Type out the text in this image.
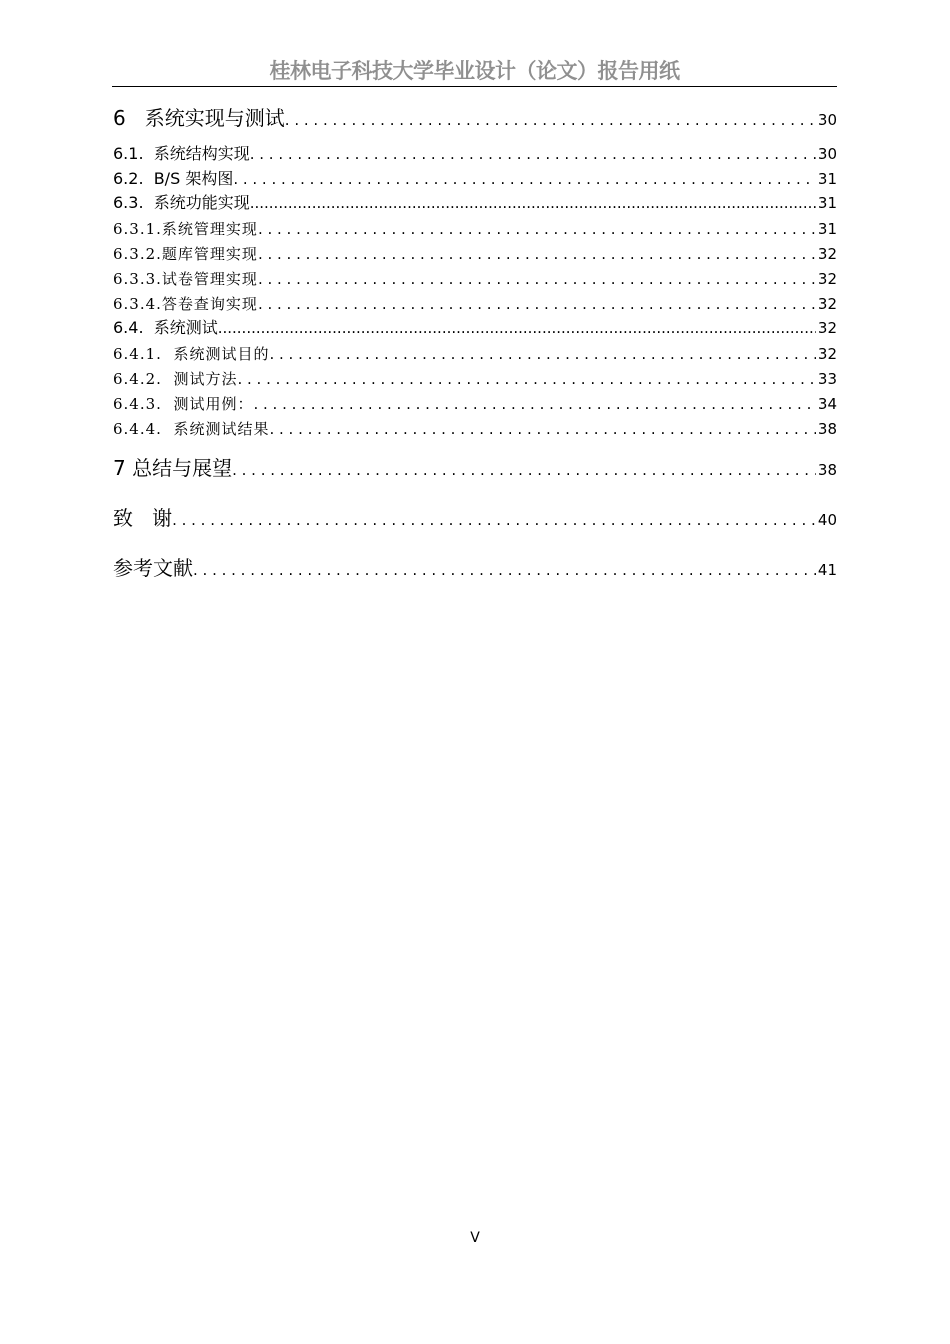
桂林电子科技大学毕业设计（论文）报告用纸
6   系统实现与测试 . . .	30
6.1.  系统结构实现 . . .	30
6.2.  B/S 架构图 . . .	31
6.3.  系统功能实现 .....	31
6.3.1.系统管理实现 . . .	31
6.3.2.题库管理实现 . . .	32
6.3.3.试卷管理实现 . . .	32
6.3.4.答卷查询实现 . . .	32
6.4.  系统测试 .....	32
6.4.1.  系统测试目的 . . .	32
6.4.2.  测试方法 . . .	33
6.4.3.  测试用例： . . .	34
6.4.4.  系统测试结果 . . .	38
7 总结与展望 . . .	38
致   谢 . . .	40
参考文献 . . .	41
V
